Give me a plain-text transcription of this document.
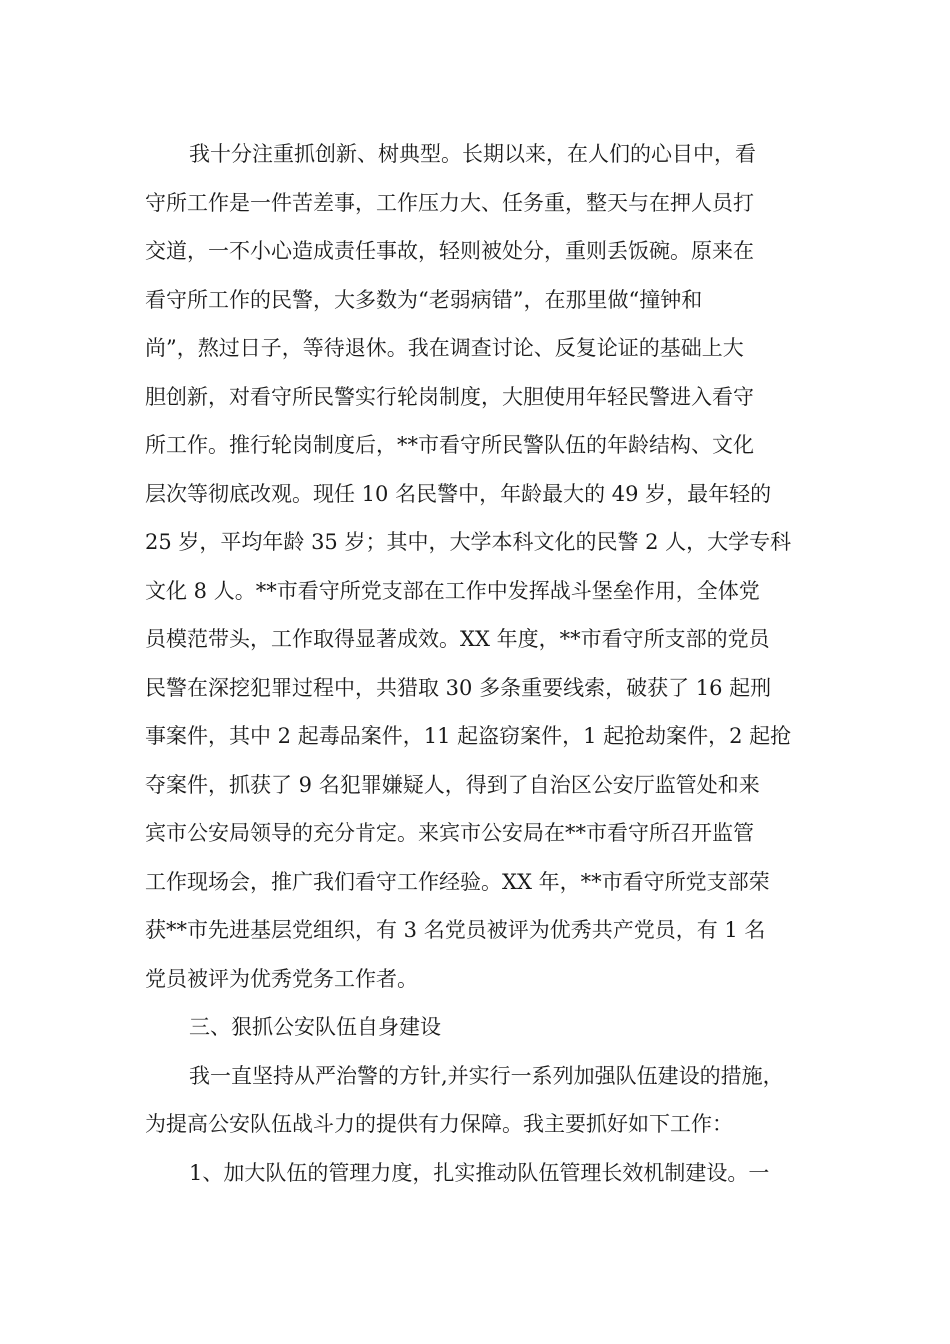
我十分注重抓创新、树典型。长期以来，在人们的心目中，看
守所工作是一件苦差事，工作压力大、任务重，整天与在押人员打
交道，一不小心造成责任事故，轻则被处分，重则丢饭碗。原来在
看守所工作的民警，大多数为“老弱病错”，在那里做“撞钟和
尚”，熬过日子，等待退休。我在调查讨论、反复论证的基础上大
胆创新，对看守所民警实行轮岗制度，大胆使用年轻民警进入看守
所工作。推行轮岗制度后，**市看守所民警队伍的年龄结构、文化
层次等彻底改观。现任 10 名民警中，年龄最大的 49 岁，最年轻的
25 岁，平均年龄 35 岁；其中，大学本科文化的民警 2 人，大学专科
文化 8 人。**市看守所党支部在工作中发挥战斗堡垒作用，全体党
员模范带头，工作取得显著成效。XX 年度，**市看守所支部的党员
民警在深挖犯罪过程中，共猎取 30 多条重要线索，破获了 16 起刑
事案件，其中 2 起毒品案件，11 起盗窃案件，1 起抢劫案件，2 起抢
夺案件，抓获了 9 名犯罪嫌疑人，得到了自治区公安厅监管处和来
宾市公安局领导的充分肯定。来宾市公安局在**市看守所召开监管
工作现场会，推广我们看守工作经验。XX 年，**市看守所党支部荣
获**市先进基层党组织，有 3 名党员被评为优秀共产党员，有 1 名
党员被评为优秀党务工作者。
三、狠抓公安队伍自身建设
我一直坚持从严治警的方针,并实行一系列加强队伍建设的措施，
为提高公安队伍战斗力的提供有力保障。我主要抓好如下工作：
1、加大队伍的管理力度，扎实推动队伍管理长效机制建设。一
